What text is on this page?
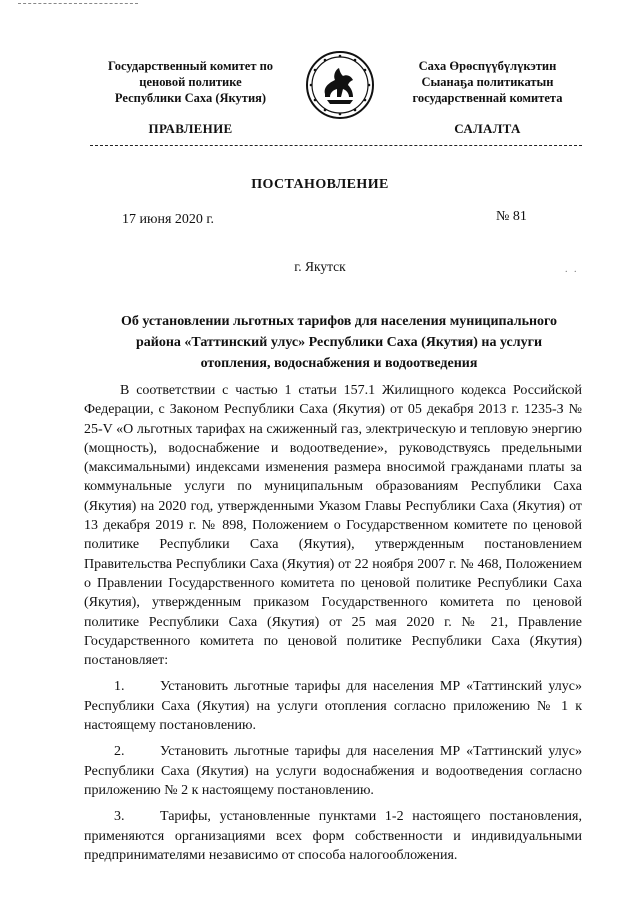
Государственный комитет по
ценовой политике
Республики Саха (Якутия)
Саха Өрөспүүбүлүкэтин
Сыанаҕа политикатын
государственнай комитета
ПРАВЛЕНИЕ	САЛАЛТА
ПОСТАНОВЛЕНИЕ
17 июня 2020 г.	№ 81
г. Якутск	. .
Об установлении льготных тарифов для населения муниципального
района «Таттинский улус» Республики Саха (Якутия) на услуги
отопления, водоснабжения и водоотведения

В соответствии с частью 1 статьи 157.1 Жилищного кодекса Российской Федерации, с Законом Республики Саха (Якутия) от 05 декабря 2013 г. 1235-З № 25-V «О льготных тарифах на сжиженный газ, электрическую и тепловую энергию (мощность), водоснабжение и водоотведение», руководствуясь предельными (максимальными) индексами изменения размера вносимой гражданами платы за коммунальные услуги по муниципальным образованиям Республики Саха (Якутия) на 2020 год, утвержденными Указом Главы Республики Саха (Якутия) от 13 декабря 2019 г. № 898, Положением о Государственном комитете по ценовой политике Республики Саха (Якутия), утвержденным постановлением Правительства Республики Саха (Якутия) от 22 ноября 2007 г. № 468, Положением о Правлении Государственного комитета по ценовой политике Республики Саха (Якутия), утвержденным приказом Государственного комитета по ценовой политике Республики Саха (Якутия) от 25 мая 2020 г. № 21, Правление Государственного комитета по ценовой политике Республики Саха (Якутия) постановляет:

1.	Установить льготные тарифы для населения МР «Таттинский улус» Республики Саха (Якутия) на услуги отопления согласно приложению № 1 к настоящему постановлению.

2.	Установить льготные тарифы для населения МР «Таттинский улус» Республики Саха (Якутия) на услуги водоснабжения и водоотведения согласно приложению № 2 к настоящему постановлению.

3.	Тарифы, установленные пунктами 1-2 настоящего постановления, применяются организациями всех форм собственности и индивидуальными предпринимателями независимо от способа налогообложения.
